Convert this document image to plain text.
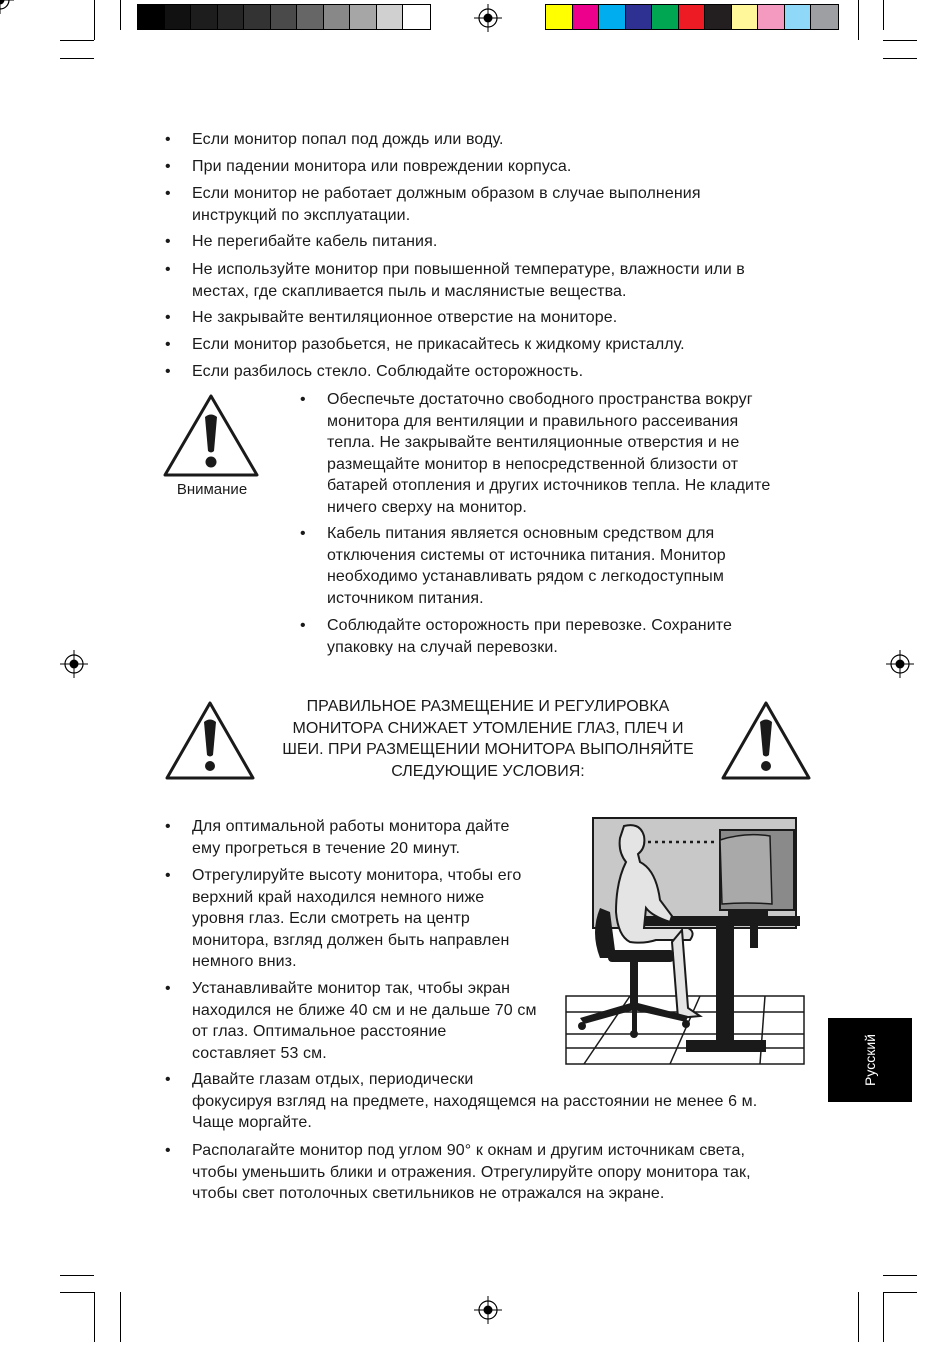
• Если монитор попал под дождь или воду.
• При падении монитора или повреждении корпуса.
• Если монитор не работает должным образом в случае выполнения
инструкций по эксплуатации.
• Не перегибайте кабель питания.
• Не используйте монитор при повышенной температуре, влажности или в
местах, где скапливается пыль и маслянистые вещества.
• Не закрывайте вентиляционное отверстие на мониторе.
• Если монитор разобьется, не прикасайтесь к жидкому кристаллу.
• Если разбилось стекло. Соблюдайте осторожность.
Внимание
• Обеспечьте достаточно свободного пространства вокруг
монитора для вентиляции и правильного рассеивания
тепла. Не закрывайте вентиляционные отверстия и не
размещайте монитор в непосредственной близости от
батарей отопления и других источников тепла. Не кладите
ничего сверху на монитор.
• Кабель питания является основным средством для
отключения системы от источника питания. Монитор
необходимо устанавливать рядом с легкодоступным
источником питания.
• Соблюдайте осторожность при перевозке. Сохраните
упаковку на случай перевозки.
ПРАВИЛЬНОЕ РАЗМЕЩЕНИЕ И РЕГУЛИРОВКА
МОНИТОРА СНИЖАЕТ УТОМЛЕНИЕ ГЛАЗ, ПЛЕЧ И
ШЕИ. ПРИ РАЗМЕЩЕНИИ МОНИТОРА ВЫПОЛНЯЙТЕ
СЛЕДУЮЩИЕ УСЛОВИЯ:
• Для оптимальной работы монитора дайте
ему прогреться в течение 20 минут.
• Отрегулируйте высоту монитора, чтобы его
верхний край находился немного ниже
уровня глаз. Если смотреть на центр
монитора, взгляд должен быть направлен
немного вниз.
• Устанавливайте монитор так, чтобы экран
находился не ближе 40 см и не дальше 70 см
от глаз. Оптимальное расстояние
составляет 53 см.
• Давайте глазам отдых, периодически
фокусируя взгляд на предмете, находящемся на расстоянии не менее 6 м.
Чаще моргайте.
• Располагайте монитор под углом 90° к окнам и другим источникам света,
чтобы уменьшить блики и отражения. Отрегулируйте опору монитора так,
чтобы свет потолочных светильников не отражался на экране.
Русский
